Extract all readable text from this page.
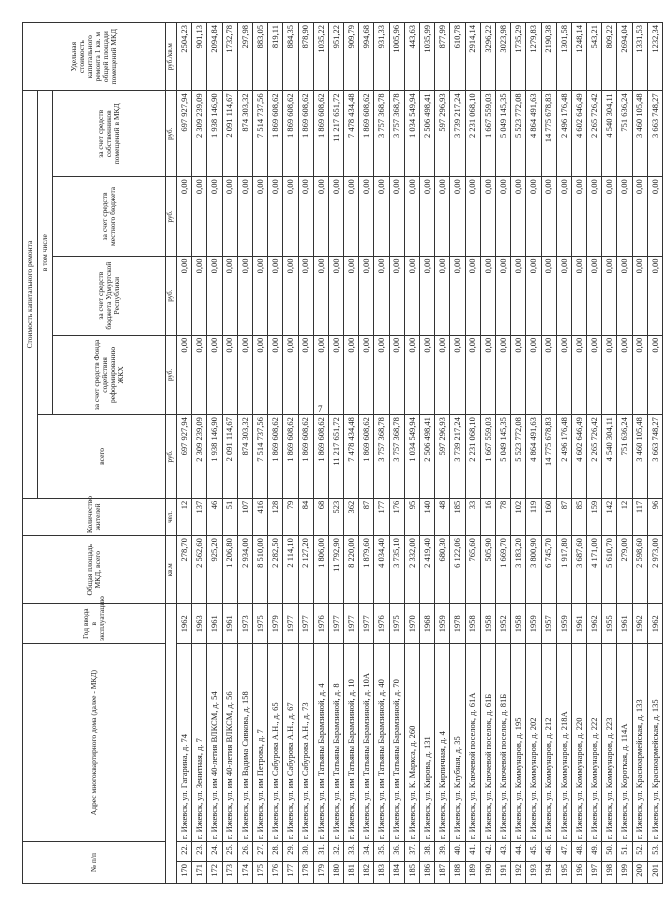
7
№ п/п		Адрес многоквартирного дома (далее - МКД)	Год ввода в эксплуатацию	Общая площадь МКД, всего	Количество жителей	Стоимость капитального ремонта					Удельная стоимость капитального ремонта 1 кв. м общей площади помещений МКД
						всего	в том числе				
							за счет средств Фонда содействия реформированию ЖКХ	за счет средств бюджета Удмуртской Республики	за счет средств местного бюджета	за счет средств собственников помещений в МКД	
				кв.м	чел.	руб.	руб.	руб.	руб.	руб.	руб./кв.м
170	22.	г. Ижевск, ул. Гагарина, д. 74	1962	278,70	12	697 927,94	0,00	0,00	0,00	697 927,94	2504,23
171	23.	г. Ижевск, ул. Зенитная, д. 7	1963	2 562,60	137	2 309 239,09	0,00	0,00	0,00	2 309 239,09	901,13
172	24.	г. Ижевск, ул. им 40-летия ВЛКСМ, д. 54	1961	925,20	46	1 938 146,90	0,00	0,00	0,00	1 938 146,90	2094,84
173	25.	г. Ижевск, ул. им 40-летия ВЛКСМ, д. 56	1961	1 206,80	51	2 091 114,67	0,00	0,00	0,00	2 091 114,67	1732,78
174	26.	г. Ижевск, ул. им Вадима Сивкова, д. 158	1973	2 934,00	107	874 303,32	0,00	0,00	0,00	874 303,32	297,98
175	27.	г. Ижевск, ул. им Петрова, д. 7	1975	8 510,00	416	7 514 737,56	0,00	0,00	0,00	7 514 737,56	883,05
176	28.	г. Ижевск, ул. им Сабурова А.Н., д. 65	1979	2 282,50	128	1 869 608,62	0,00	0,00	0,00	1 869 608,62	819,11
177	29.	г. Ижевск, ул. им Сабурова А.Н., д. 67	1977	2 114,10	79	1 869 608,62	0,00	0,00	0,00	1 869 608,62	884,35
178	30.	г. Ижевск, ул. им Сабурова А.Н., д. 73	1977	2 127,20	84	1 869 608,62	0,00	0,00	0,00	1 869 608,62	878,90
179	31.	г. Ижевск, ул. им Татьяны Барамзиной, д. 4	1976	1 806,00	68	1 869 608,62	0,00	0,00	0,00	1 869 608,62	1035,22
180	32.	г. Ижевск, ул. им Татьяны Барамзиной, д. 8	1977	11 792,90	523	11 217 651,72	0,00	0,00	0,00	11 217 651,72	951,22
181	33.	г. Ижевск, ул. им Татьяны Барамзиной, д. 10	1977	8 220,00	362	7 478 434,48	0,00	0,00	0,00	7 478 434,48	909,79
182	34.	г. Ижевск, ул. им Татьяны Барамзиной, д. 10А	1977	1 879,60	87	1 869 608,62	0,00	0,00	0,00	1 869 608,62	994,68
183	35.	г. Ижевск, ул. им Татьяны Барамзиной, д. 40	1976	4 034,40	177	3 757 368,78	0,00	0,00	0,00	3 757 368,78	931,33
184	36.	г. Ижевск, ул. им Татьяны Барамзиной, д. 70	1975	3 735,10	176	3 757 368,78	0,00	0,00	0,00	3 757 368,78	1005,96
185	37.	г. Ижевск, ул. К. Маркса, д. 260	1970	2 332,00	95	1 034 549,94	0,00	0,00	0,00	1 034 549,94	443,63
186	38.	г. Ижевск, ул. Кирова, д. 131	1968	2 419,40	140	2 506 498,41	0,00	0,00	0,00	2 506 498,41	1035,99
187	39.	г. Ижевск, ул. Кирпичная, д. 4	1959	680,30	48	597 296,93	0,00	0,00	0,00	597 296,93	877,99
188	40.	г. Ижевск, ул. Клубная, д. 35	1978	6 122,06	185	3 739 217,24	0,00	0,00	0,00	3 739 217,24	610,78
189	41.	г. Ижевск, ул. Ключевой поселок, д. 61А	1958	765,60	33	2 231 068,10	0,00	0,00	0,00	2 231 068,10	2914,14
190	42.	г. Ижевск, ул. Ключевой поселок, д. 61Б	1958	505,90	16	1 667 559,03	0,00	0,00	0,00	1 667 559,03	3296,22
191	43.	г. Ижевск, ул. Ключевой поселок, д. 81Б	1952	1 669,70	78	5 049 145,35	0,00	0,00	0,00	5 049 145,35	3023,98
192	44.	г. Ижевск, ул. Коммунаров, д. 195	1958	3 183,20	102	5 523 772,08	0,00	0,00	0,00	5 523 772,08	1735,29
193	45.	г. Ижевск, ул. Коммунаров, д. 202	1959	3 800,90	119	4 864 491,63	0,00	0,00	0,00	4 864 491,63	1279,83
194	46.	г. Ижевск, ул. Коммунаров, д. 212	1957	6 745,70	160	14 775 678,83	0,00	0,00	0,00	14 775 678,83	2190,38
195	47.	г. Ижевск, ул. Коммунаров, д. 218А	1959	1 917,80	87	2 496 176,48	0,00	0,00	0,00	2 496 176,48	1301,58
196	48.	г. Ижевск, ул. Коммунаров, д. 220	1961	3 687,60	85	4 602 646,49	0,00	0,00	0,00	4 602 646,49	1248,14
197	49.	г. Ижевск, ул. Коммунаров, д. 222	1962	4 171,00	159	2 265 726,42	0,00	0,00	0,00	2 265 726,42	543,21
198	50.	г. Ижевск, ул. Коммунаров, д. 223	1955	5 610,70	142	4 540 304,11	0,00	0,00	0,00	4 540 304,11	809,22
199	51.	г. Ижевск, ул. Короткая, д. 114А	1961	279,00	12	751 636,24	0,00	0,00	0,00	751 636,24	2694,04
200	52.	г. Ижевск, ул. Красноармейская, д. 133	1962	2 598,60	117	3 460 105,48	0,00	0,00	0,00	3 460 105,48	1331,53
201	53.	г. Ижевск, ул. Красноармейская, д. 135	1962	2 973,00	96	3 663 748,27	0,00	0,00	0,00	3 663 748,27	1232,34
